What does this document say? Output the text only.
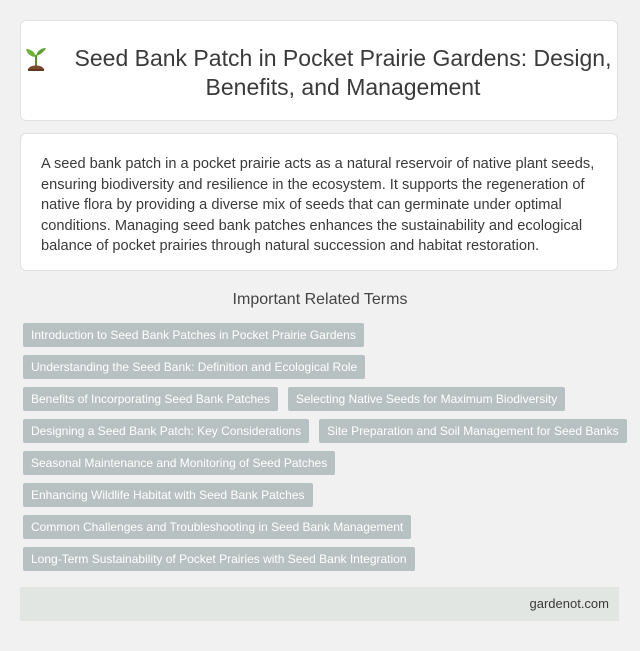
Seed Bank Patch in Pocket Prairie Gardens: Design, Benefits, and Management

A seed bank patch in a pocket prairie acts as a natural reservoir of native plant seeds, ensuring biodiversity and resilience in the ecosystem. It supports the regeneration of native flora by providing a diverse mix of seeds that can germinate under optimal conditions. Managing seed bank patches enhances the sustainability and ecological balance of pocket prairies through natural succession and habitat restoration.

Important Related Terms
Introduction to Seed Bank Patches in Pocket Prairie Gardens
Understanding the Seed Bank: Definition and Ecological Role
Benefits of Incorporating Seed Bank Patches	Selecting Native Seeds for Maximum Biodiversity
Designing a Seed Bank Patch: Key Considerations	Site Preparation and Soil Management for Seed Banks
Seasonal Maintenance and Monitoring of Seed Patches
Enhancing Wildlife Habitat with Seed Bank Patches
Common Challenges and Troubleshooting in Seed Bank Management
Long-Term Sustainability of Pocket Prairies with Seed Bank Integration
gardenot.com
